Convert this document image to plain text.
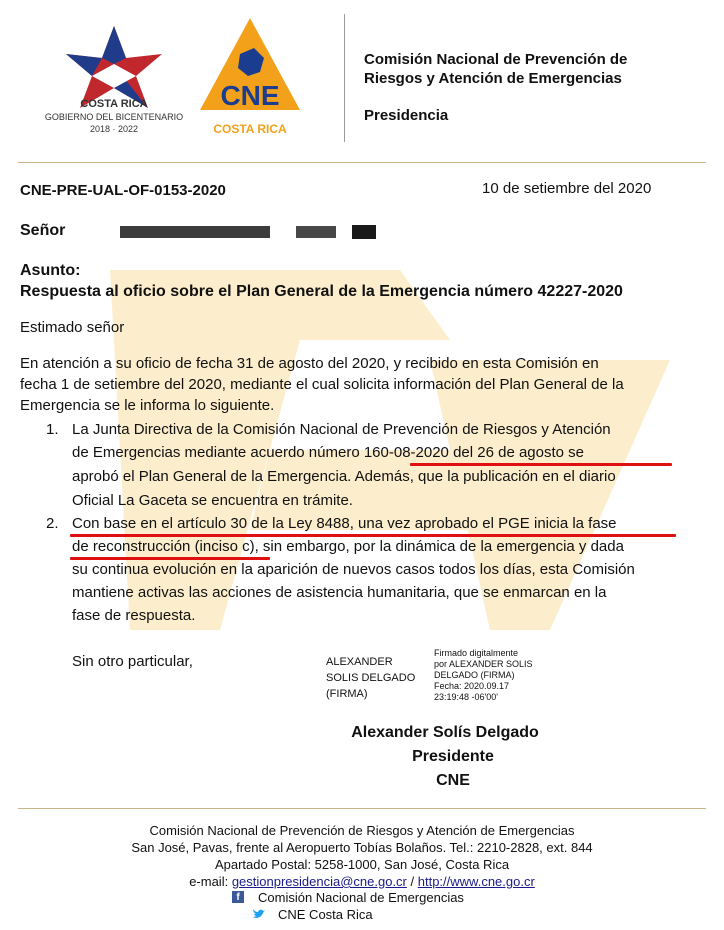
COSTA RICA
GOBIERNO DEL BICENTENARIO
2018 · 2022
CNE
COSTA RICA
Comisión Nacional de Prevención de
Riesgos y Atención de Emergencias
Presidencia
CNE-PRE-UAL-OF-0153-2020	10 de setiembre del 2020
Señor
Asunto:
Respuesta al oficio sobre el Plan General de la Emergencia número 42227-2020
Estimado señor
En atención a su oficio de fecha 31 de agosto del 2020, y recibido en esta Comisión en
fecha 1 de setiembre del 2020, mediante el cual solicita información del Plan General de la
Emergencia se le informa lo siguiente.
1. La Junta Directiva de la Comisión Nacional de Prevención de Riesgos y Atención
de Emergencias mediante acuerdo número 160-08-2020 del 26 de agosto se
aprobó el Plan General de la Emergencia. Además, que la publicación en el diario
Oficial La Gaceta se encuentra en trámite.
2. Con base en el artículo 30 de la Ley 8488, una vez aprobado el PGE inicia la fase
de reconstrucción (inciso c), sin embargo, por la dinámica de la emergencia y dada
su continua evolución en la aparición de nuevos casos todos los días, esta Comisión
mantiene activas las acciones de asistencia humanitaria, que se enmarcan en la
fase de respuesta.
Sin otro particular,	ALEXANDER
SOLIS DELGADO
(FIRMA)
Firmado digitalmente
por ALEXANDER SOLIS
DELGADO (FIRMA)
Fecha: 2020.09.17
23:19:48 -06'00'
Alexander Solís Delgado
Presidente
CNE
Comisión Nacional de Prevención de Riesgos y Atención de Emergencias
San José, Pavas, frente al Aeropuerto Tobías Bolaños. Tel.: 2210-2828, ext. 844
Apartado Postal: 5258-1000, San José, Costa Rica
e-mail: gestionpresidencia@cne.go.cr / http://www.cne.go.cr
f	Comisión Nacional de Emergencias
CNE Costa Rica
